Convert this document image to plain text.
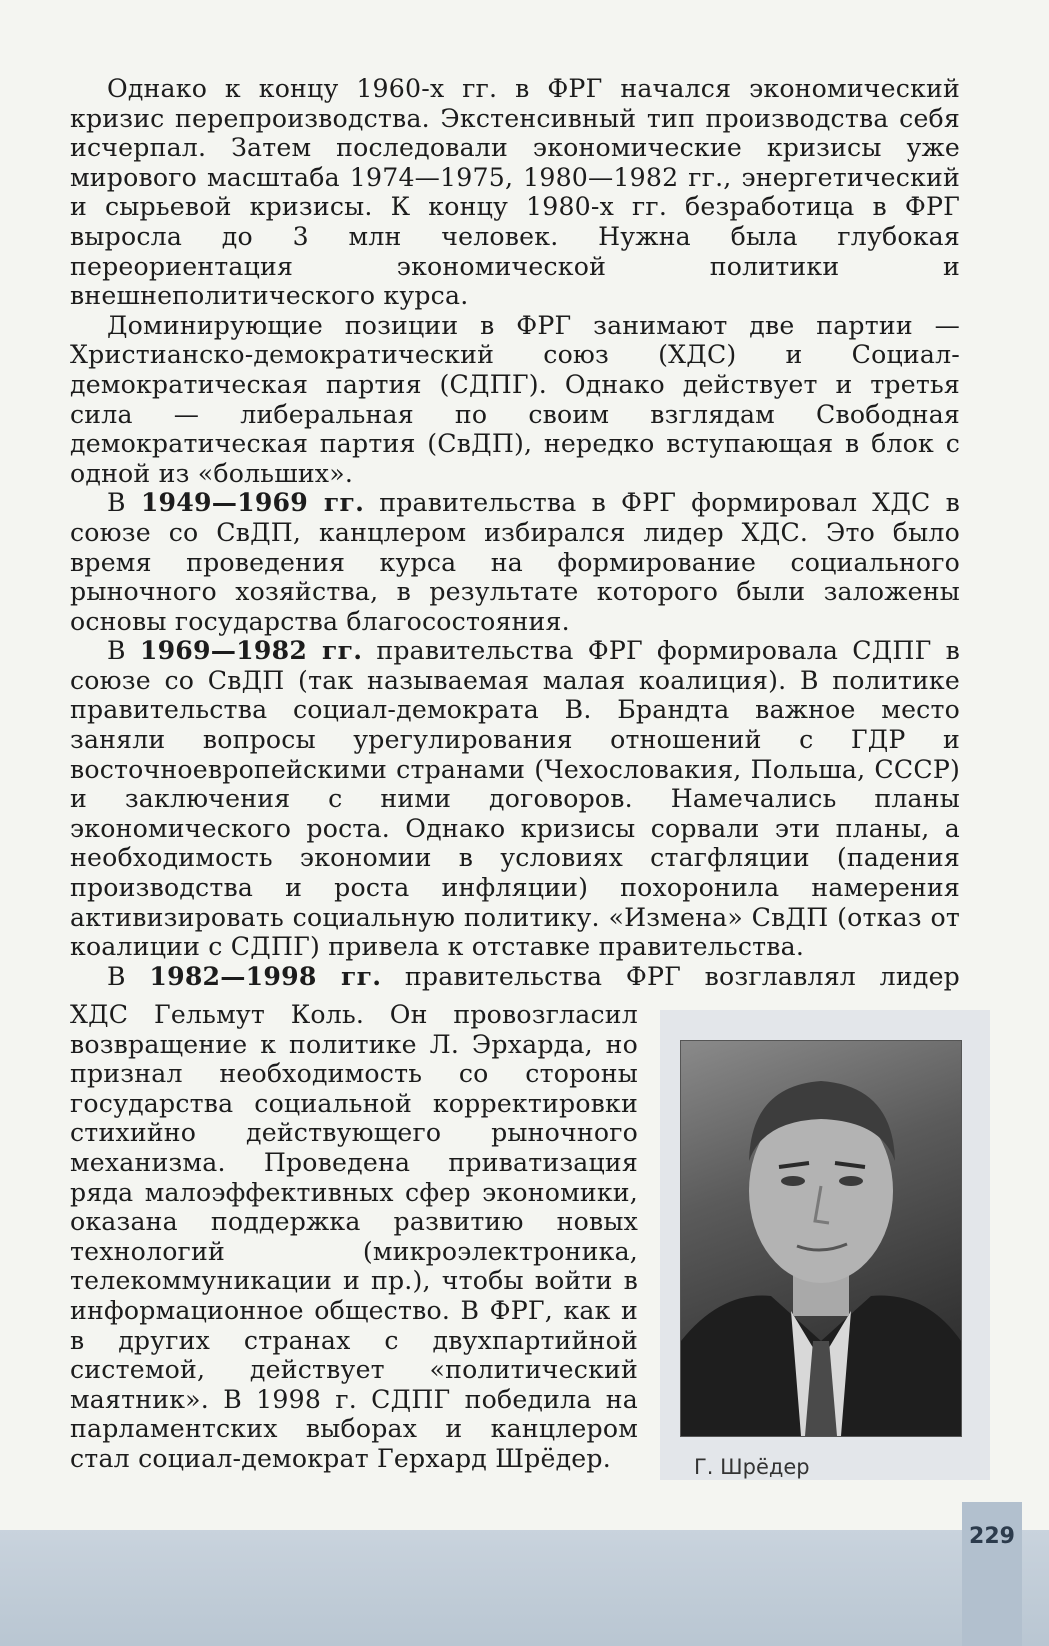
Однако к концу 1960-х гг. в ФРГ начался экономический кризис перепроизводства. Экстенсивный тип производства себя исчерпал. Затем последовали экономические кризисы уже мирового масштаба 1974—1975, 1980—1982 гг., энергетический и сырьевой кризисы. К концу 1980-х гг. безработица в ФРГ выросла до 3 млн человек. Нужна была глубокая переориентация экономической политики и внешнеполитического курса.

Доминирующие позиции в ФРГ занимают две партии — Христианско-демократический союз (ХДС) и Социал-демократическая партия (СДПГ). Однако действует и третья сила — либеральная по своим взглядам Свободная демократическая партия (СвДП), нередко вступающая в блок с одной из «больших».

В 1949—1969 гг. правительства в ФРГ формировал ХДС в союзе со СвДП, канцлером избирался лидер ХДС. Это было время проведения курса на формирование социального рыночного хозяйства, в результате которого были заложены основы государства благосостояния.

В 1969—1982 гг. правительства ФРГ формировала СДПГ в союзе со СвДП (так называемая малая коалиция). В политике правительства социал-демократа В. Брандта важное место заняли вопросы урегулирования отношений с ГДР и восточноевропейскими странами (Чехословакия, Польша, СССР) и заключения с ними договоров. Намечались планы экономического роста. Однако кризисы сорвали эти планы, а необходимость экономии в условиях стагфляции (падения производства и роста инфляции) похоронила намерения активизировать социальную политику. «Измена» СвДП (отказ от коалиции с СДПГ) привела к отставке правительства.

В 1982—1998 гг. правительства ФРГ возглавлял лидер

ХДС Гельмут Коль. Он провозгласил возвращение к политике Л. Эрхарда, но признал необходимость со стороны государства социальной корректировки стихийно действующего рыночного механизма. Проведена приватизация ряда малоэффективных сфер экономики, оказана поддержка развитию новых технологий (микроэлектроника, телекоммуникации и пр.), чтобы войти в информационное общество. В ФРГ, как и в других странах с двухпартийной системой, действует «политический маятник». В 1998 г. СДПГ победила на парламентских выборах и канцлером стал социал-демократ Герхард Шрёдер.	Г. Шрёдер
229
